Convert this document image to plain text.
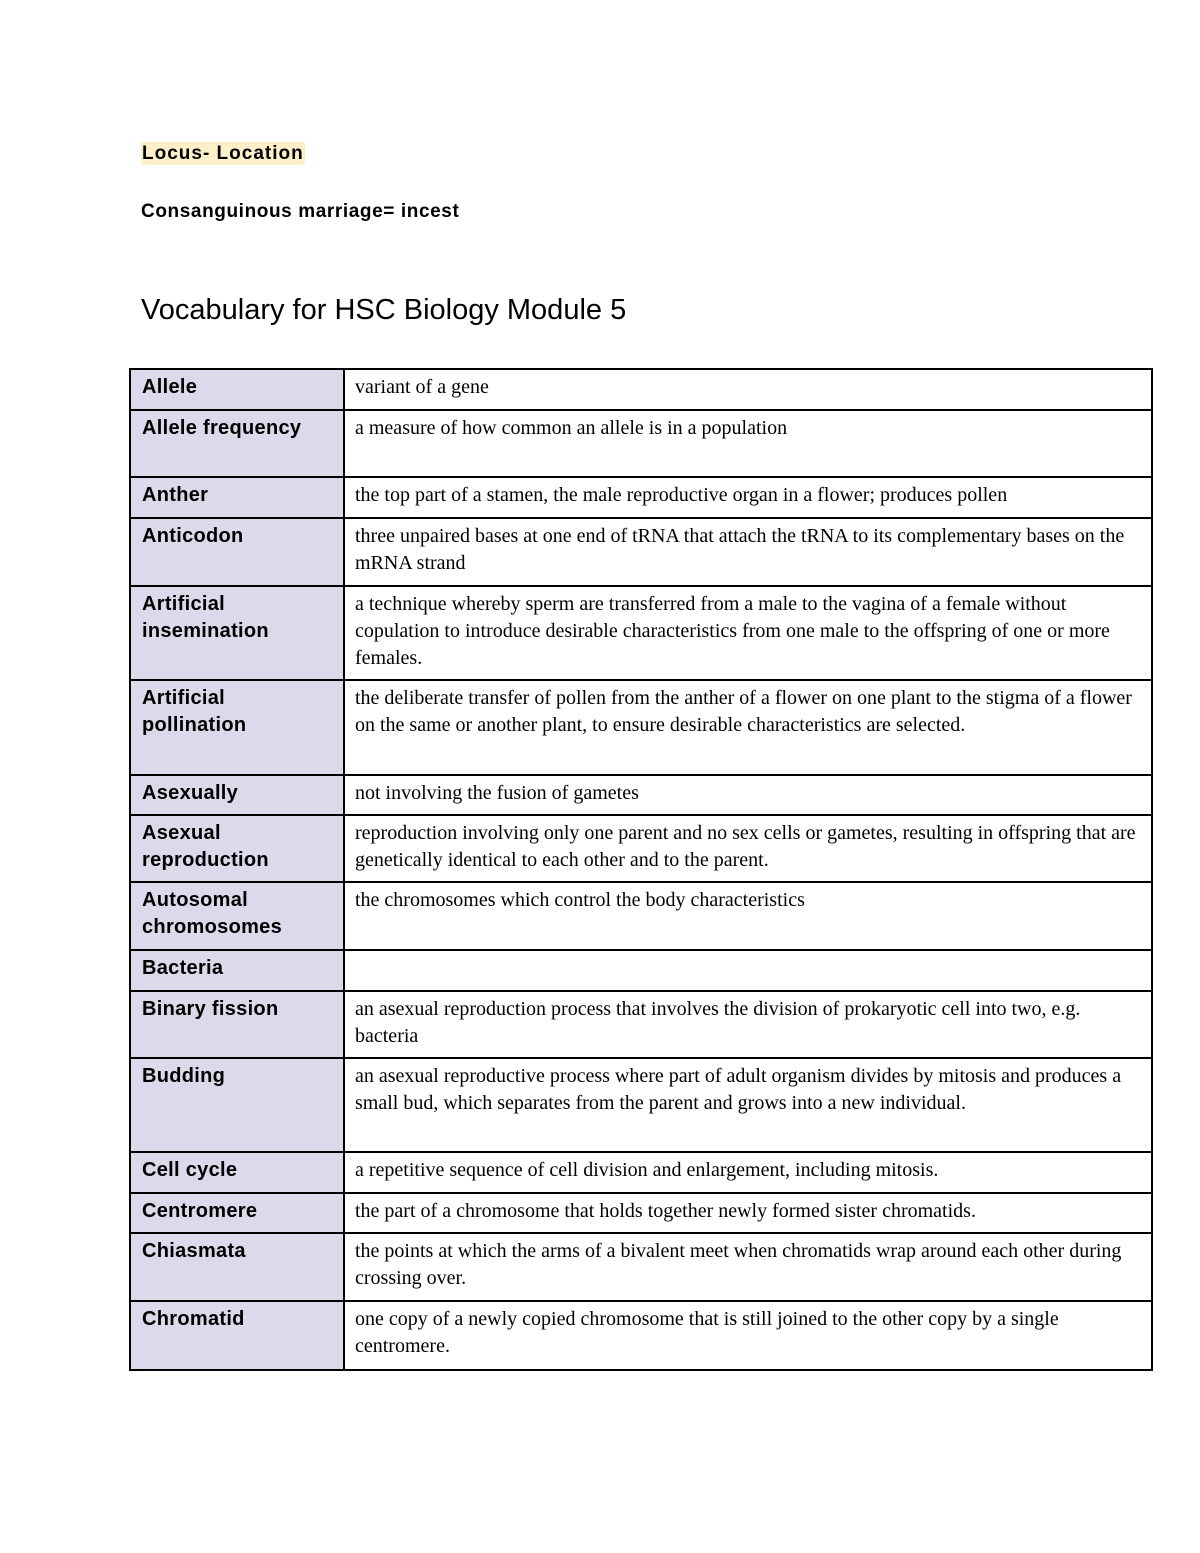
Locus- Location
Consanguinous marriage= incest
Vocabulary for HSC Biology Module 5
Allele	variant of a gene
Allele frequency	a measure of how common an allele is in a population
Anther	the top part of a stamen, the male reproductive organ in a flower; produces pollen
Anticodon	three unpaired bases at one end of tRNA that attach the tRNA to its complementary bases on the mRNA strand
Artificial insemination	a technique whereby sperm are transferred from a male to the vagina of a female without copulation to introduce desirable characteristics from one male to the offspring of one or more females.
Artificial pollination	the deliberate transfer of pollen from the anther of a flower on one plant to the stigma of a flower on the same or another plant, to ensure desirable characteristics are selected.
Asexually	not involving the fusion of gametes
Asexual reproduction	reproduction involving only one parent and no sex cells or gametes, resulting in offspring that are genetically identical to each other and to the parent.
Autosomal chromosomes	the chromosomes which control the body characteristics
Bacteria	
Binary fission	an asexual reproduction process that involves the division of prokaryotic cell into two, e.g. bacteria
Budding	an asexual reproductive process where part of adult organism divides by mitosis and produces a small bud, which separates from the parent and grows into a new individual.
Cell cycle	a repetitive sequence of cell division and enlargement, including mitosis.
Centromere	the part of a chromosome that holds together newly formed sister chromatids.
Chiasmata	the points at which the arms of a bivalent meet when chromatids wrap around each other during crossing over.
Chromatid	one copy of a newly copied chromosome that is still joined to the other copy by a single centromere.
